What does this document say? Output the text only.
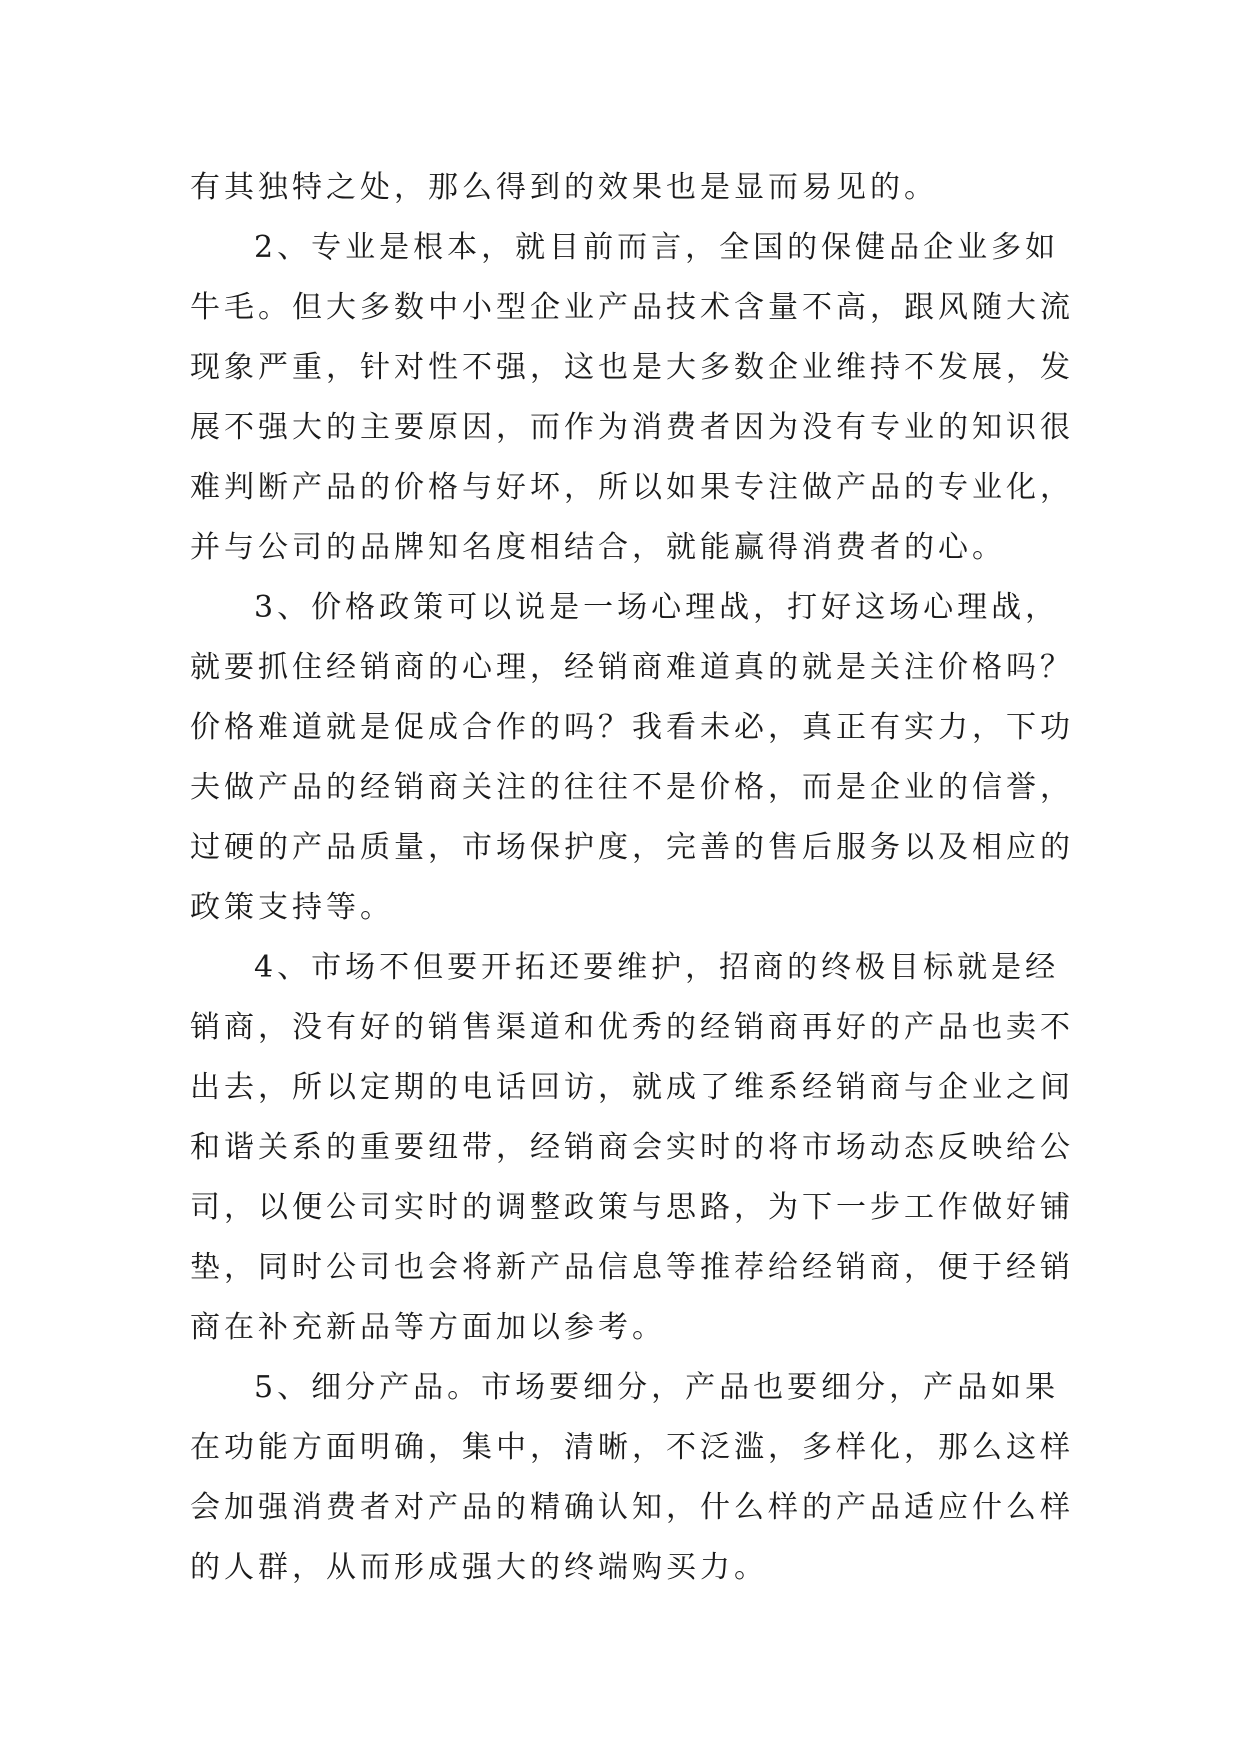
有其独特之处，那么得到的效果也是显而易见的。
2、专业是根本，就目前而言，全国的保健品企业多如
牛毛。但大多数中小型企业产品技术含量不高，跟风随大流
现象严重，针对性不强，这也是大多数企业维持不发展，发
展不强大的主要原因，而作为消费者因为没有专业的知识很
难判断产品的价格与好坏，所以如果专注做产品的专业化，
并与公司的品牌知名度相结合，就能赢得消费者的心。
3、价格政策可以说是一场心理战，打好这场心理战，
就要抓住经销商的心理，经销商难道真的就是关注价格吗？
价格难道就是促成合作的吗？我看未必，真正有实力，下功
夫做产品的经销商关注的往往不是价格，而是企业的信誉，
过硬的产品质量，市场保护度，完善的售后服务以及相应的
政策支持等。
4、市场不但要开拓还要维护，招商的终极目标就是经
销商，没有好的销售渠道和优秀的经销商再好的产品也卖不
出去，所以定期的电话回访，就成了维系经销商与企业之间
和谐关系的重要纽带，经销商会实时的将市场动态反映给公
司，以便公司实时的调整政策与思路，为下一步工作做好铺
垫，同时公司也会将新产品信息等推荐给经销商，便于经销
商在补充新品等方面加以参考。
5、细分产品。市场要细分，产品也要细分，产品如果
在功能方面明确，集中，清晰，不泛滥，多样化，那么这样
会加强消费者对产品的精确认知，什么样的产品适应什么样
的人群，从而形成强大的终端购买力。
